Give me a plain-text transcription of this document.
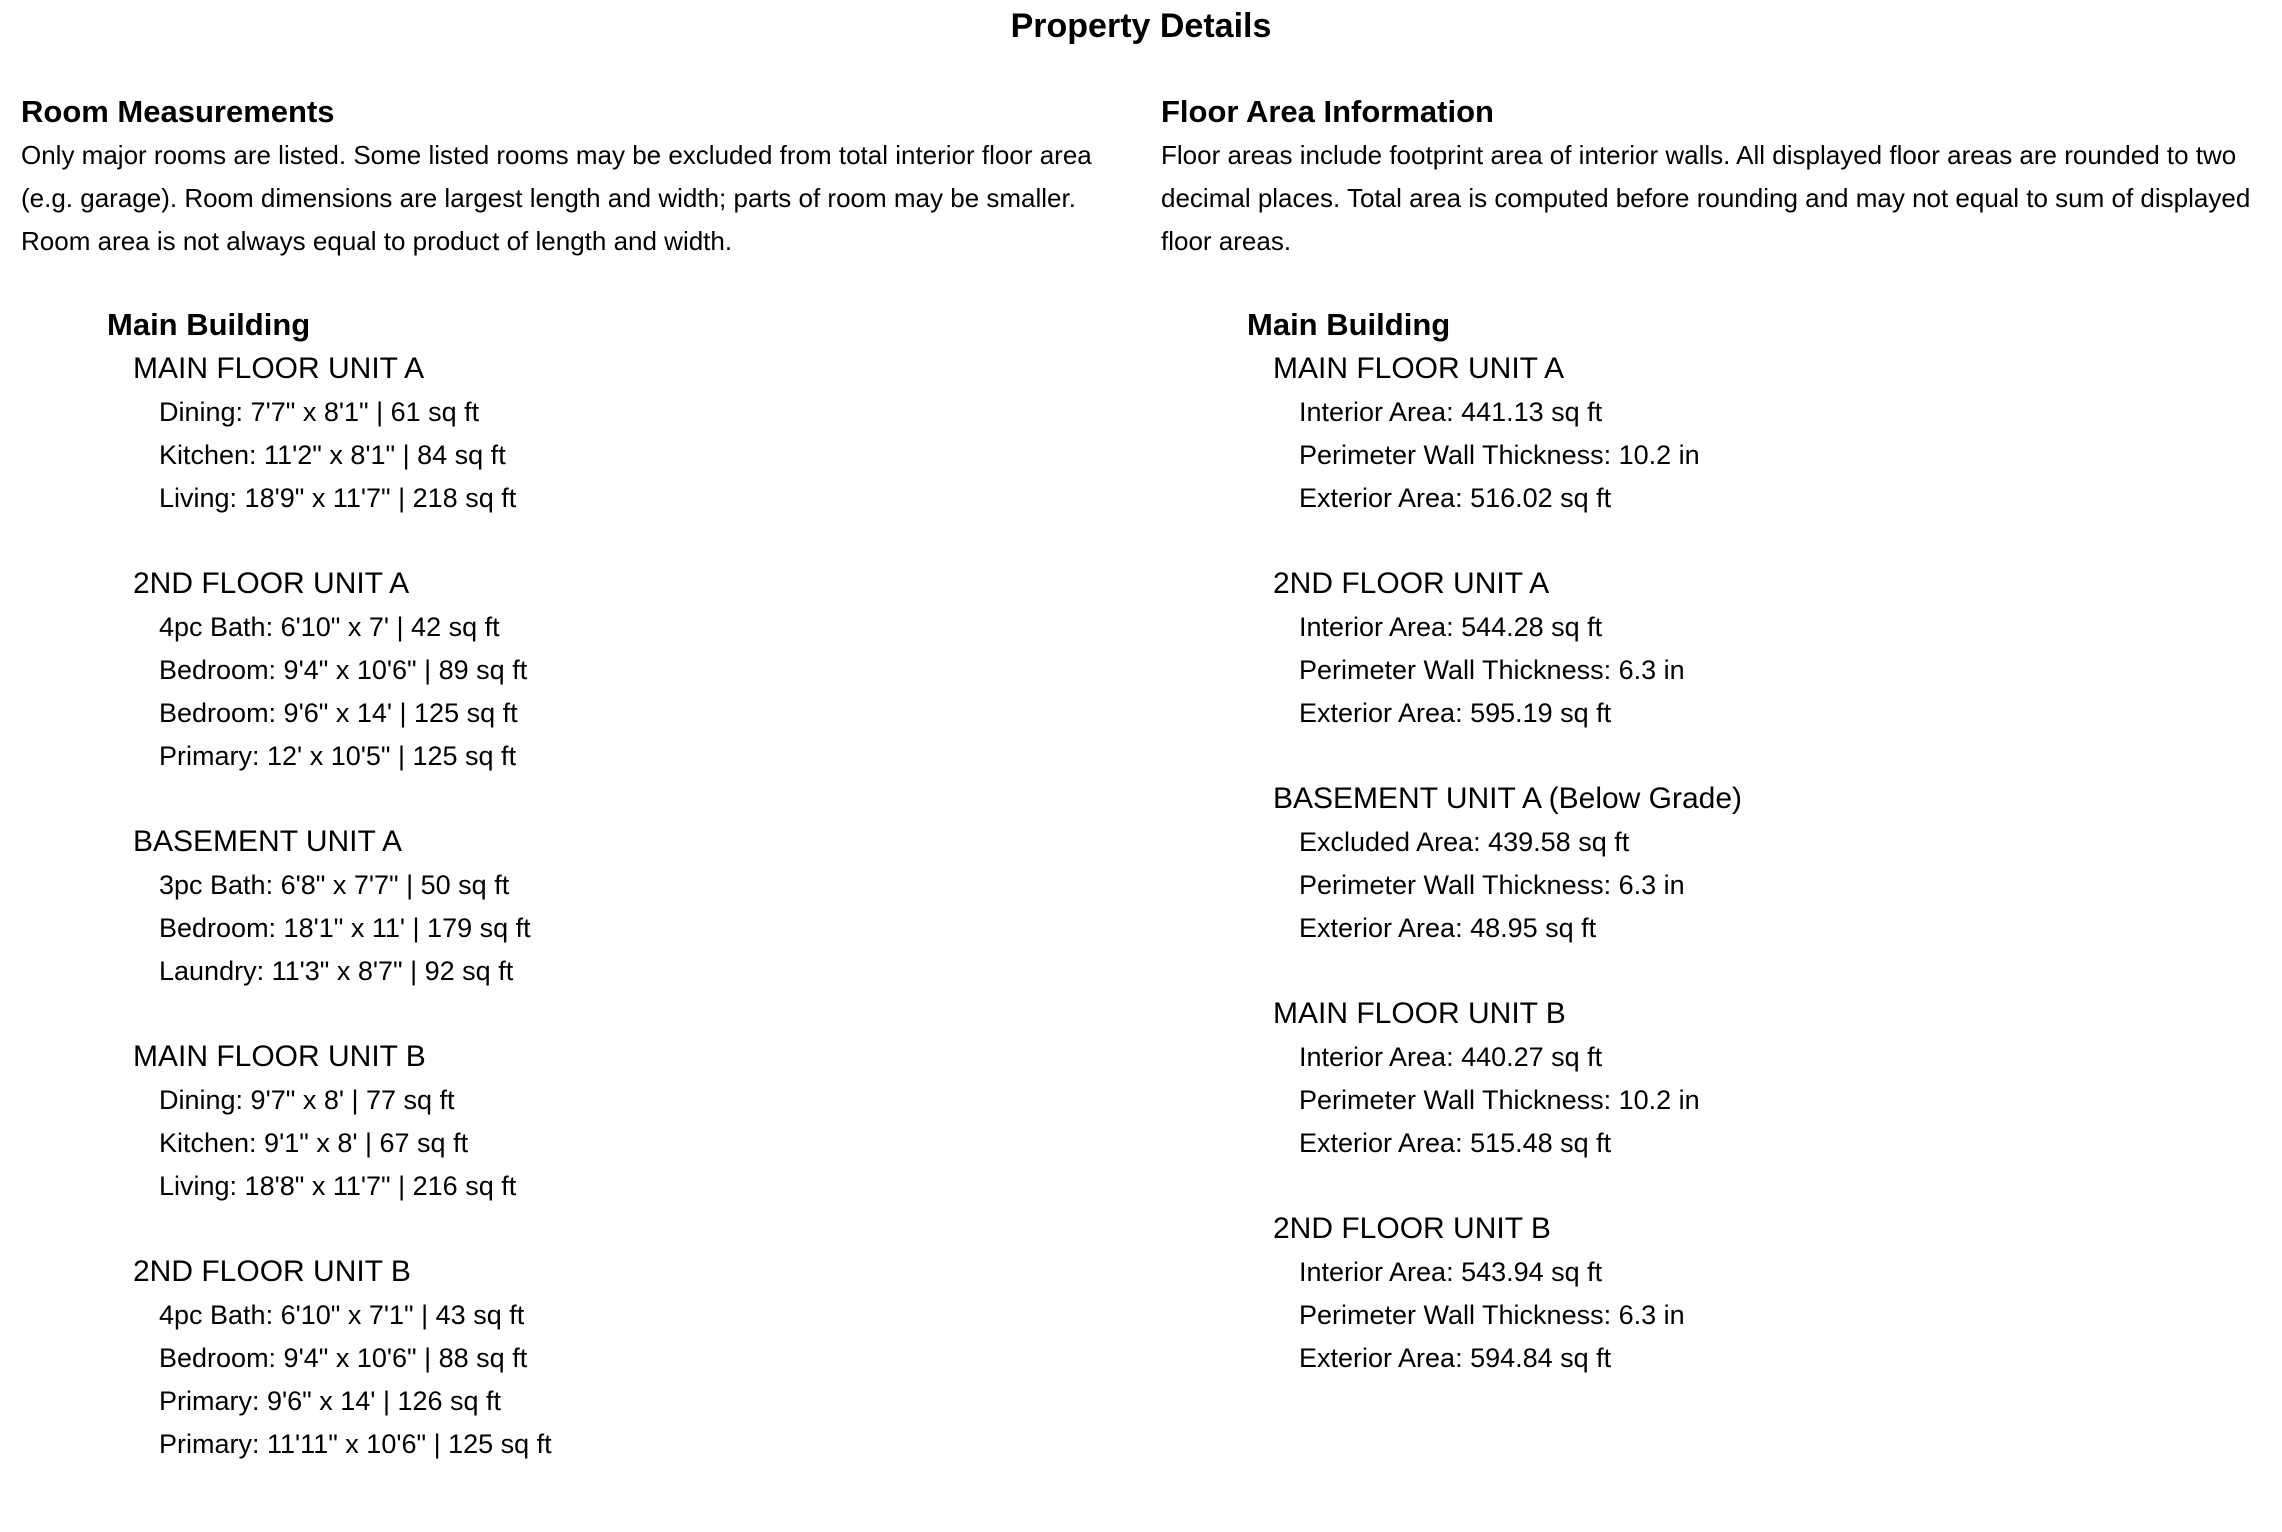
Property Details
Room Measurements
Only major rooms are listed. Some listed rooms may be excluded from total interior floor area
(e.g. garage). Room dimensions are largest length and width; parts of room may be smaller.
Room area is not always equal to product of length and width.
Main Building
MAIN FLOOR UNIT A
Dining: 7'7" x 8'1" | 61 sq ft
Kitchen: 11'2" x 8'1" | 84 sq ft
Living: 18'9" x 11'7" | 218 sq ft
2ND FLOOR UNIT A
4pc Bath: 6'10" x 7' | 42 sq ft
Bedroom: 9'4" x 10'6" | 89 sq ft
Bedroom: 9'6" x 14' | 125 sq ft
Primary: 12' x 10'5" | 125 sq ft
BASEMENT UNIT A
3pc Bath: 6'8" x 7'7" | 50 sq ft
Bedroom: 18'1" x 11' | 179 sq ft
Laundry: 11'3" x 8'7" | 92 sq ft
MAIN FLOOR UNIT B
Dining: 9'7" x 8' | 77 sq ft
Kitchen: 9'1" x 8' | 67 sq ft
Living: 18'8" x 11'7" | 216 sq ft
2ND FLOOR UNIT B
4pc Bath: 6'10" x 7'1" | 43 sq ft
Bedroom: 9'4" x 10'6" | 88 sq ft
Primary: 9'6" x 14' | 126 sq ft
Primary: 11'11" x 10'6" | 125 sq ft
Floor Area Information
Floor areas include footprint area of interior walls. All displayed floor areas are rounded to two
decimal places. Total area is computed before rounding and may not equal to sum of displayed
floor areas.
Main Building
MAIN FLOOR UNIT A
Interior Area: 441.13 sq ft
Perimeter Wall Thickness: 10.2 in
Exterior Area: 516.02 sq ft
2ND FLOOR UNIT A
Interior Area: 544.28 sq ft
Perimeter Wall Thickness: 6.3 in
Exterior Area: 595.19 sq ft
BASEMENT UNIT A (Below Grade)
Excluded Area: 439.58 sq ft
Perimeter Wall Thickness: 6.3 in
Exterior Area: 48.95 sq ft
MAIN FLOOR UNIT B
Interior Area: 440.27 sq ft
Perimeter Wall Thickness: 10.2 in
Exterior Area: 515.48 sq ft
2ND FLOOR UNIT B
Interior Area: 543.94 sq ft
Perimeter Wall Thickness: 6.3 in
Exterior Area: 594.84 sq ft
